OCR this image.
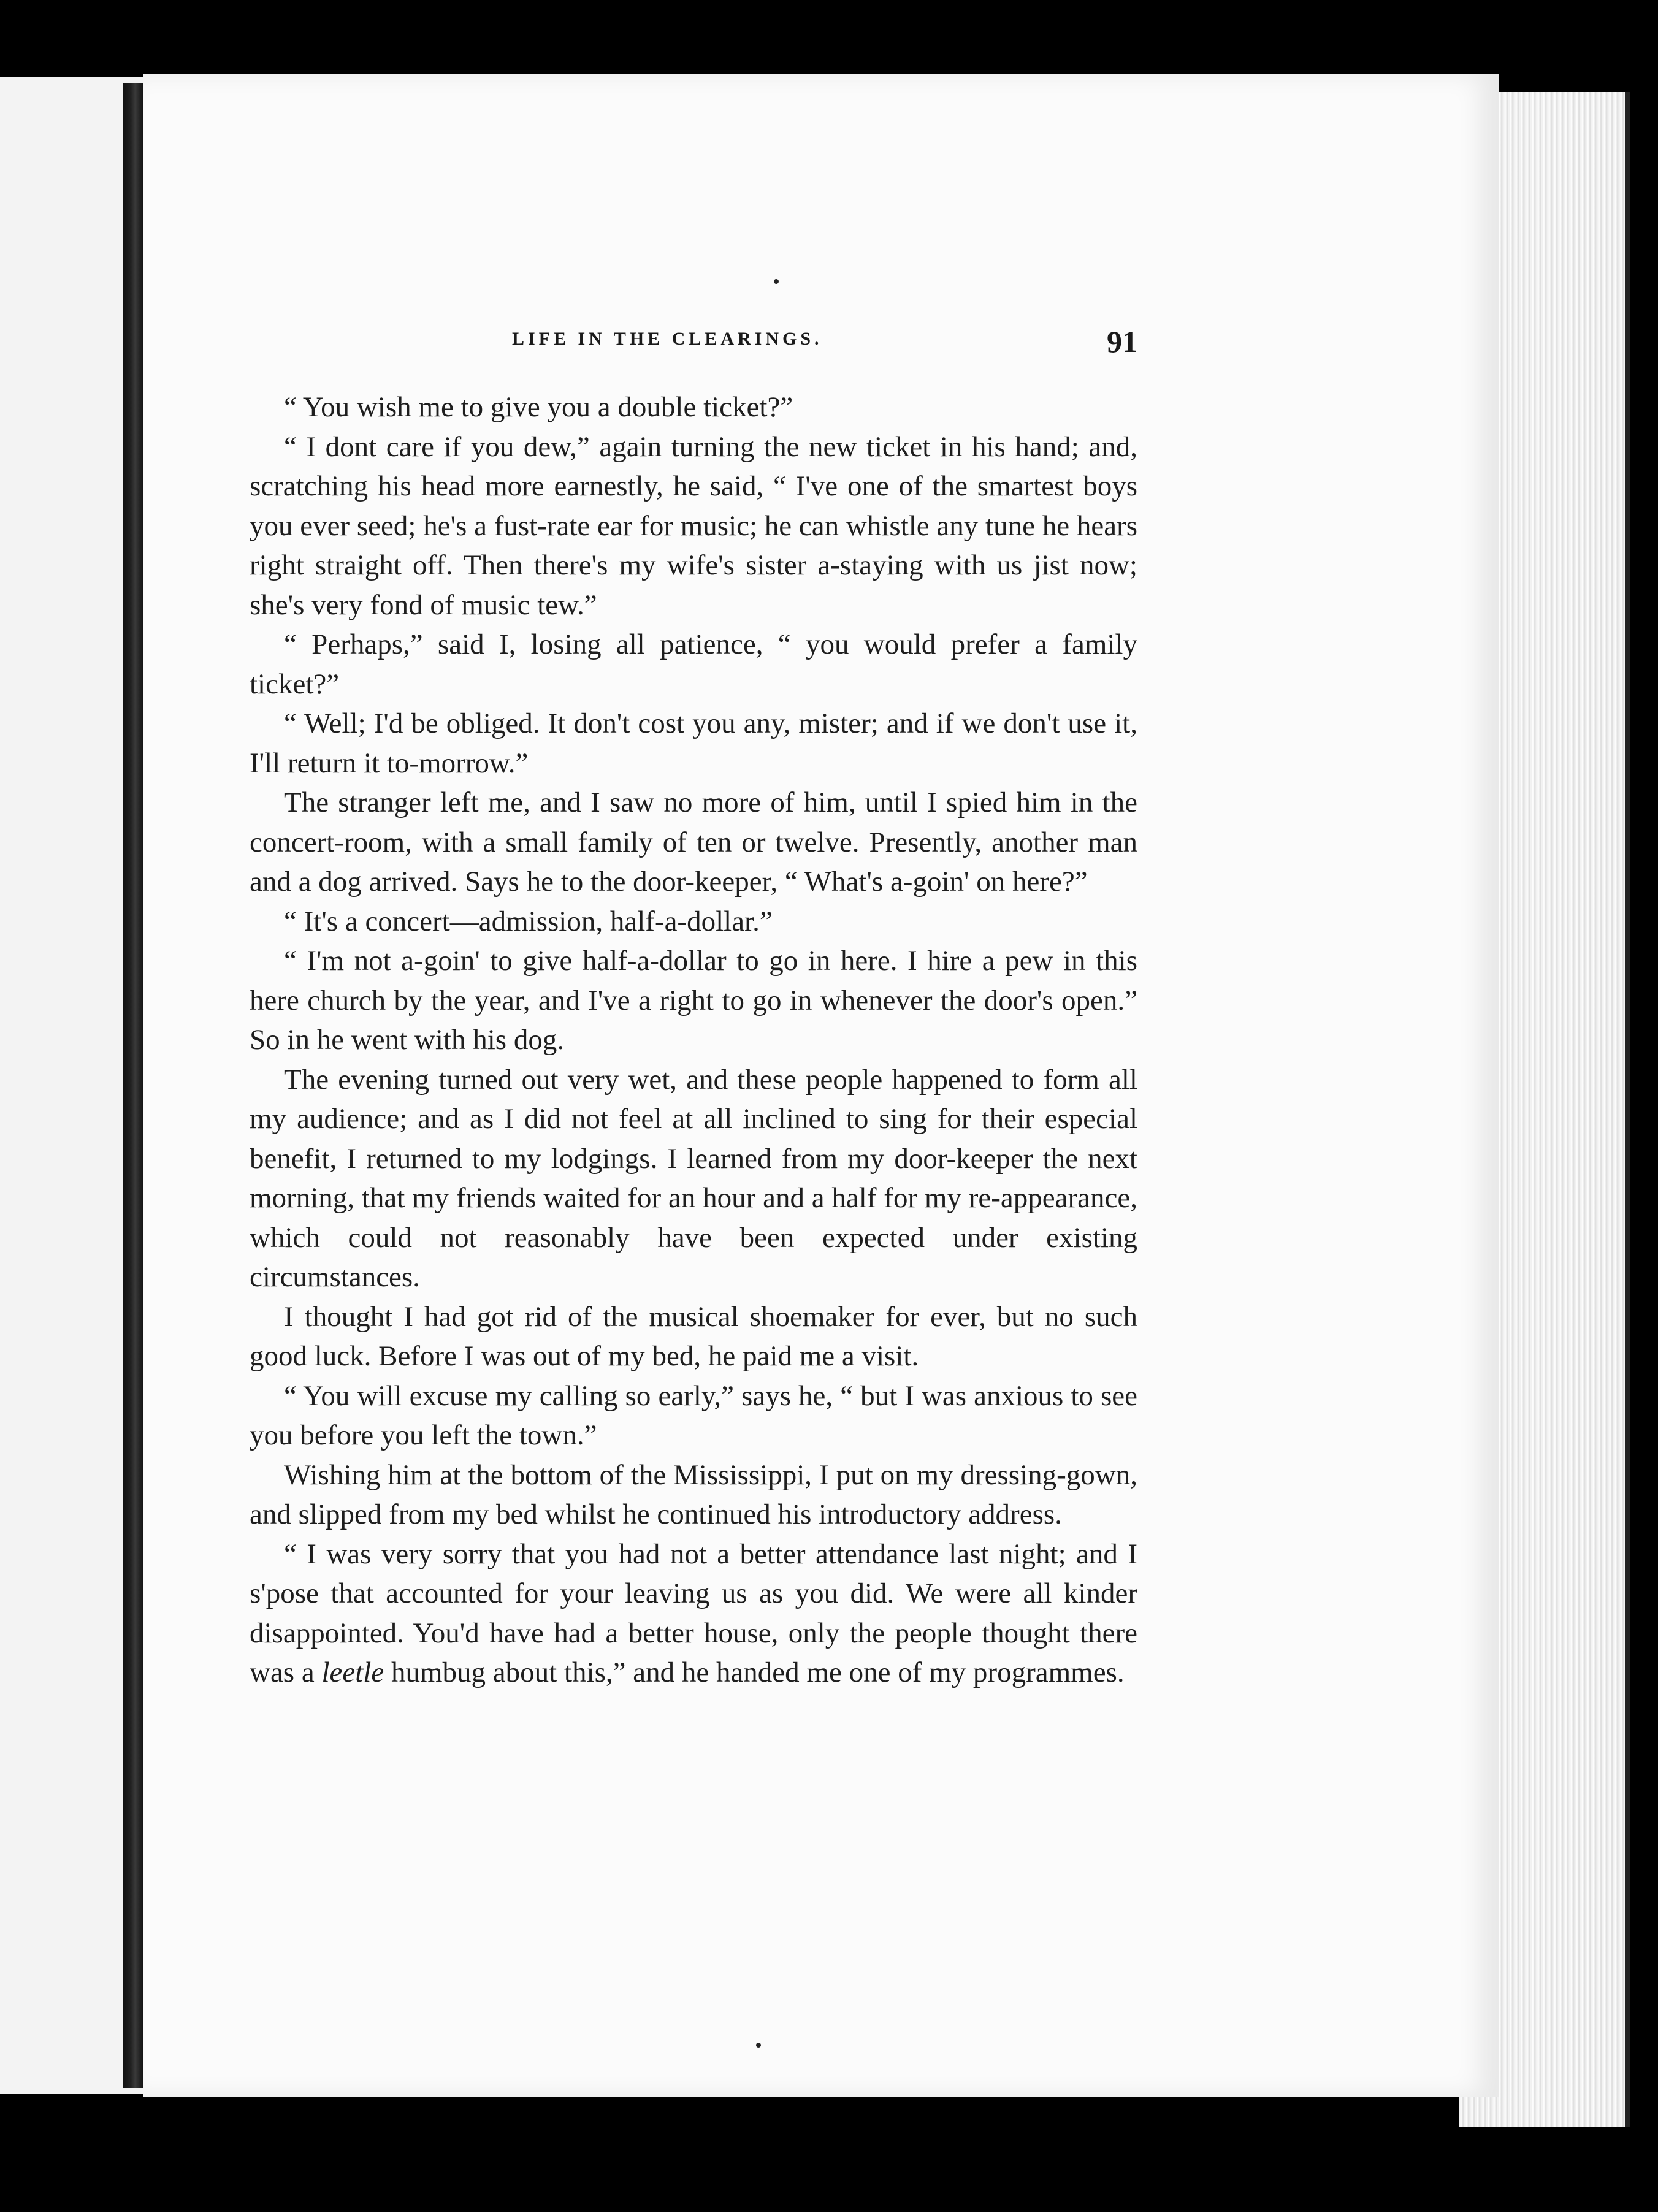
LIFE IN THE CLEARINGS.	91

“ You wish me to give you a double ticket?”

“ I dont care if you dew,” again turning the new ticket in his hand; and, scratching his head more earnestly, he said, “ I've one of the smartest boys you ever seed; he's a fust-rate ear for music; he can whistle any tune he hears right straight off. Then there's my wife's sister a-staying with us jist now; she's very fond of music tew.”

“ Perhaps,” said I, losing all patience, “ you would prefer a family ticket?”

“ Well; I'd be obliged. It don't cost you any, mister; and if we don't use it, I'll return it to-morrow.”

The stranger left me, and I saw no more of him, until I spied him in the concert-room, with a small family of ten or twelve. Presently, another man and a dog arrived. Says he to the door-keeper, “ What's a-goin' on here?”

“ It's a concert—admission, half-a-dollar.”

“ I'm not a-goin' to give half-a-dollar to go in here. I hire a pew in this here church by the year, and I've a right to go in whenever the door's open.” So in he went with his dog.

The evening turned out very wet, and these people happened to form all my audience; and as I did not feel at all inclined to sing for their especial benefit, I returned to my lodgings. I learned from my door-keeper the next morning, that my friends waited for an hour and a half for my re-appearance, which could not reasonably have been expected under existing circumstances.

I thought I had got rid of the musical shoemaker for ever, but no such good luck. Before I was out of my bed, he paid me a visit.

“ You will excuse my calling so early,” says he, “ but I was anxious to see you before you left the town.”

Wishing him at the bottom of the Mississippi, I put on my dressing-gown, and slipped from my bed whilst he continued his introductory address.

“ I was very sorry that you had not a better attendance last night; and I s'pose that accounted for your leaving us as you did. We were all kinder disappointed. You'd have had a better house, only the people thought there was a leetle humbug about this,” and he handed me one of my programmes.
